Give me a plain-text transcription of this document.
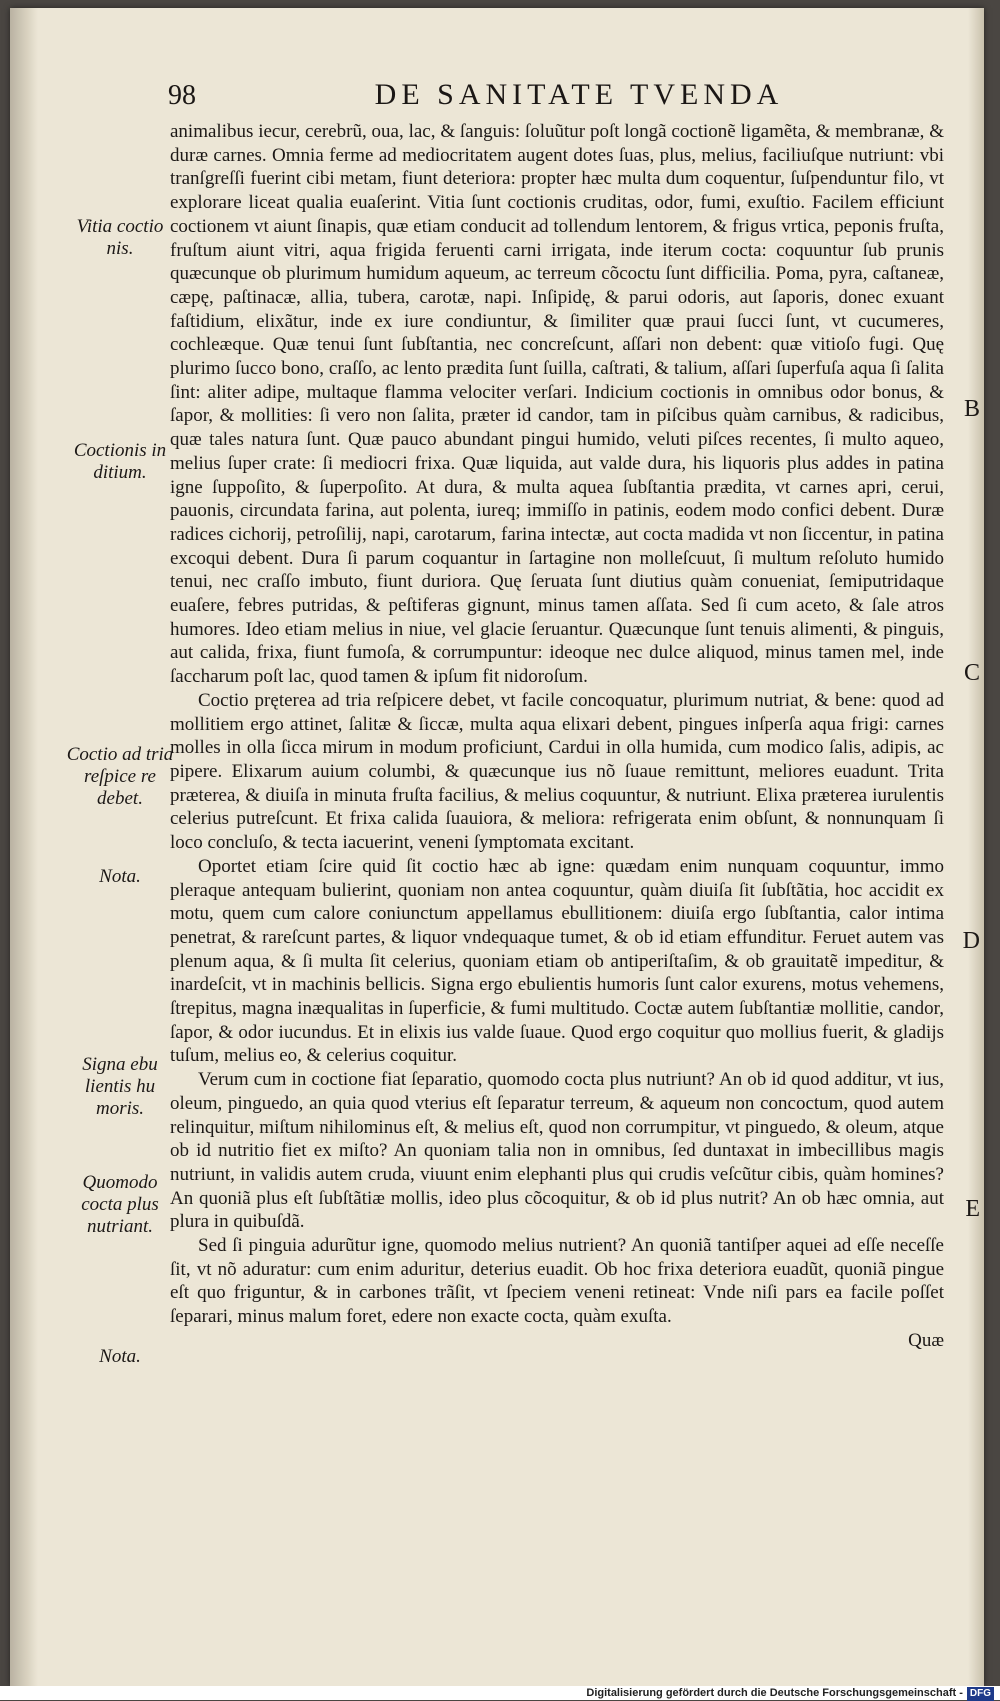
98	DE SANITATE TVENDA
Vitia coctio nis.
Coctionis in ditium.
Coctio ad tria reſpice re debet.
Nota.
Signa ebu lientis hu moris.
Quomodo cocta plus nutriant.
Nota.
B
C
D
E

animalibus iecur, cerebrũ, oua, lac, & ſanguis: ſoluũtur poſt longã coctionẽ ligamẽta, & membranæ, & duræ carnes. Omnia ferme ad mediocritatem augent dotes ſuas, plus, melius, faciliuſque nutriunt: vbi tranſgreſſi fuerint cibi metam, fiunt deteriora: propter hæc multa dum coquentur, ſuſpenduntur filo, vt explorare liceat qualia euaſerint. Vitia ſunt coctionis cruditas, odor, fumi, exuſtio. Facilem efficiunt coctionem vt aiunt ſinapis, quæ etiam conducit ad tollendum lentorem, & frigus vrtica, peponis fruſta, fruſtum aiunt vitri, aqua frigida feruenti carni irrigata, inde iterum cocta: coquuntur ſub prunis quæcunque ob plurimum humidum aqueum, ac terreum cõcoctu ſunt difficilia. Poma, pyra, caſtaneæ, cæpę, paſtinacæ, allia, tubera, carotæ, napi. Inſipidę, & parui odoris, aut ſaporis, donec exuant faſtidium, elixãtur, inde ex iure condiuntur, & ſimiliter quæ praui ſucci ſunt, vt cucumeres, cochleæque. Quæ tenui ſunt ſubſtantia, nec concreſcunt, aſſari non debent: quæ vitioſo fugi. Quę plurimo ſucco bono, craſſo, ac lento prædita ſunt ſuilla, caſtrati, & talium, aſſari ſuperfuſa aqua ſi ſalita ſint: aliter adipe, multaque flamma velociter verſari. Indicium coctionis in omnibus odor bonus, & ſapor, & mollities: ſi vero non ſalita, præter id candor, tam in piſcibus quàm carnibus, & radicibus, quæ tales natura ſunt. Quæ pauco abundant pingui humido, veluti piſces recentes, ſi multo aqueo, melius ſuper crate: ſi mediocri frixa. Quæ liquida, aut valde dura, his liquoris plus addes in patina igne ſuppoſito, & ſuperpoſito. At dura, & multa aquea ſubſtantia prædita, vt carnes apri, cerui, pauonis, circundata farina, aut polenta, iureq; immiſſo in patinis, eodem modo confici debent. Duræ radices cichorij, petroſilij, napi, carotarum, farina intectæ, aut cocta madida vt non ſiccentur, in patina excoqui debent. Dura ſi parum coquantur in ſartagine non molleſcuut, ſi multum reſoluto humido tenui, nec craſſo imbuto, fiunt duriora. Quę ſeruata ſunt diutius quàm conueniat, ſemiputridaque euaſere, febres putridas, & peſtiferas gignunt, minus tamen aſſata. Sed ſi cum aceto, & ſale atros humores. Ideo etiam melius in niue, vel glacie ſeruantur. Quæcunque ſunt tenuis alimenti, & pinguis, aut calida, frixa, fiunt fumoſa, & corrumpuntur: ideoque nec dulce aliquod, minus tamen mel, inde ſaccharum poſt lac, quod tamen & ipſum fit nidoroſum.

Coctio pręterea ad tria reſpicere debet, vt facile concoquatur, plurimum nutriat, & bene: quod ad mollitiem ergo attinet, ſalitæ & ſiccæ, multa aqua elixari debent, pingues inſperſa aqua frigi: carnes molles in olla ſicca mirum in modum proficiunt, Cardui in olla humida, cum modico ſalis, adipis, ac pipere. Elixarum auium columbi, & quæcunque ius nõ ſuaue remittunt, meliores euadunt. Trita præterea, & diuiſa in minuta fruſta facilius, & melius coquuntur, & nutriunt. Elixa præterea iurulentis celerius putreſcunt. Et frixa calida ſuauiora, & meliora: refrigerata enim obſunt, & nonnunquam ſi loco concluſo, & tecta iacuerint, veneni ſymptomata excitant.

Oportet etiam ſcire quid ſit coctio hæc ab igne: quædam enim nunquam coquuntur, immo pleraque antequam bulierint, quoniam non antea coquuntur, quàm diuiſa ſit ſubſtãtia, hoc accidit ex motu, quem cum calore coniunctum appellamus ebullitionem: diuiſa ergo ſubſtantia, calor intima penetrat, & rareſcunt partes, & liquor vndequaque tumet, & ob id etiam effunditur. Feruet autem vas plenum aqua, & ſi multa ſit celerius, quoniam etiam ob antiperiſtaſim, & ob grauitatẽ impeditur, & inardeſcit, vt in machinis bellicis. Signa ergo ebulientis humoris ſunt calor exurens, motus vehemens, ſtrepitus, magna inæqualitas in ſuperficie, & fumi multitudo. Coctæ autem ſubſtantiæ mollitie, candor, ſapor, & odor iucundus. Et in elixis ius valde ſuaue. Quod ergo coquitur quo mollius fuerit, & gladijs tuſum, melius eo, & celerius coquitur.

Verum cum in coctione fiat ſeparatio, quomodo cocta plus nutriunt? An ob id quod additur, vt ius, oleum, pinguedo, an quia quod vterius eſt ſeparatur terreum, & aqueum non concoctum, quod autem relinquitur, miſtum nihilominus eſt, & melius eſt, quod non corrumpitur, vt pinguedo, & oleum, atque ob id nutritio fiet ex miſto? An quoniam talia non in omnibus, ſed duntaxat in imbecillibus magis nutriunt, in validis autem cruda, viuunt enim elephanti plus qui crudis veſcũtur cibis, quàm homines? An quoniã plus eſt ſubſtãtiæ mollis, ideo plus cõcoquitur, & ob id plus nutrit? An ob hæc omnia, aut plura in quibuſdã.

Sed ſi pinguia adurũtur igne, quomodo melius nutrient? An quoniã tantiſper aquei ad eſſe neceſſe ſit, vt nõ aduratur: cum enim aduritur, deterius euadit. Ob hoc frixa deteriora euadũt, quoniã pingue eſt quo friguntur, & in carbones trãſit, vt ſpeciem veneni retineat: Vnde niſi pars ea facile poſſet ſeparari, minus malum foret, edere non exacte cocta, quàm exuſta.

Quæ

Digitalisierung gefördert durch die Deutsche Forschungsgemeinschaft - DFG
